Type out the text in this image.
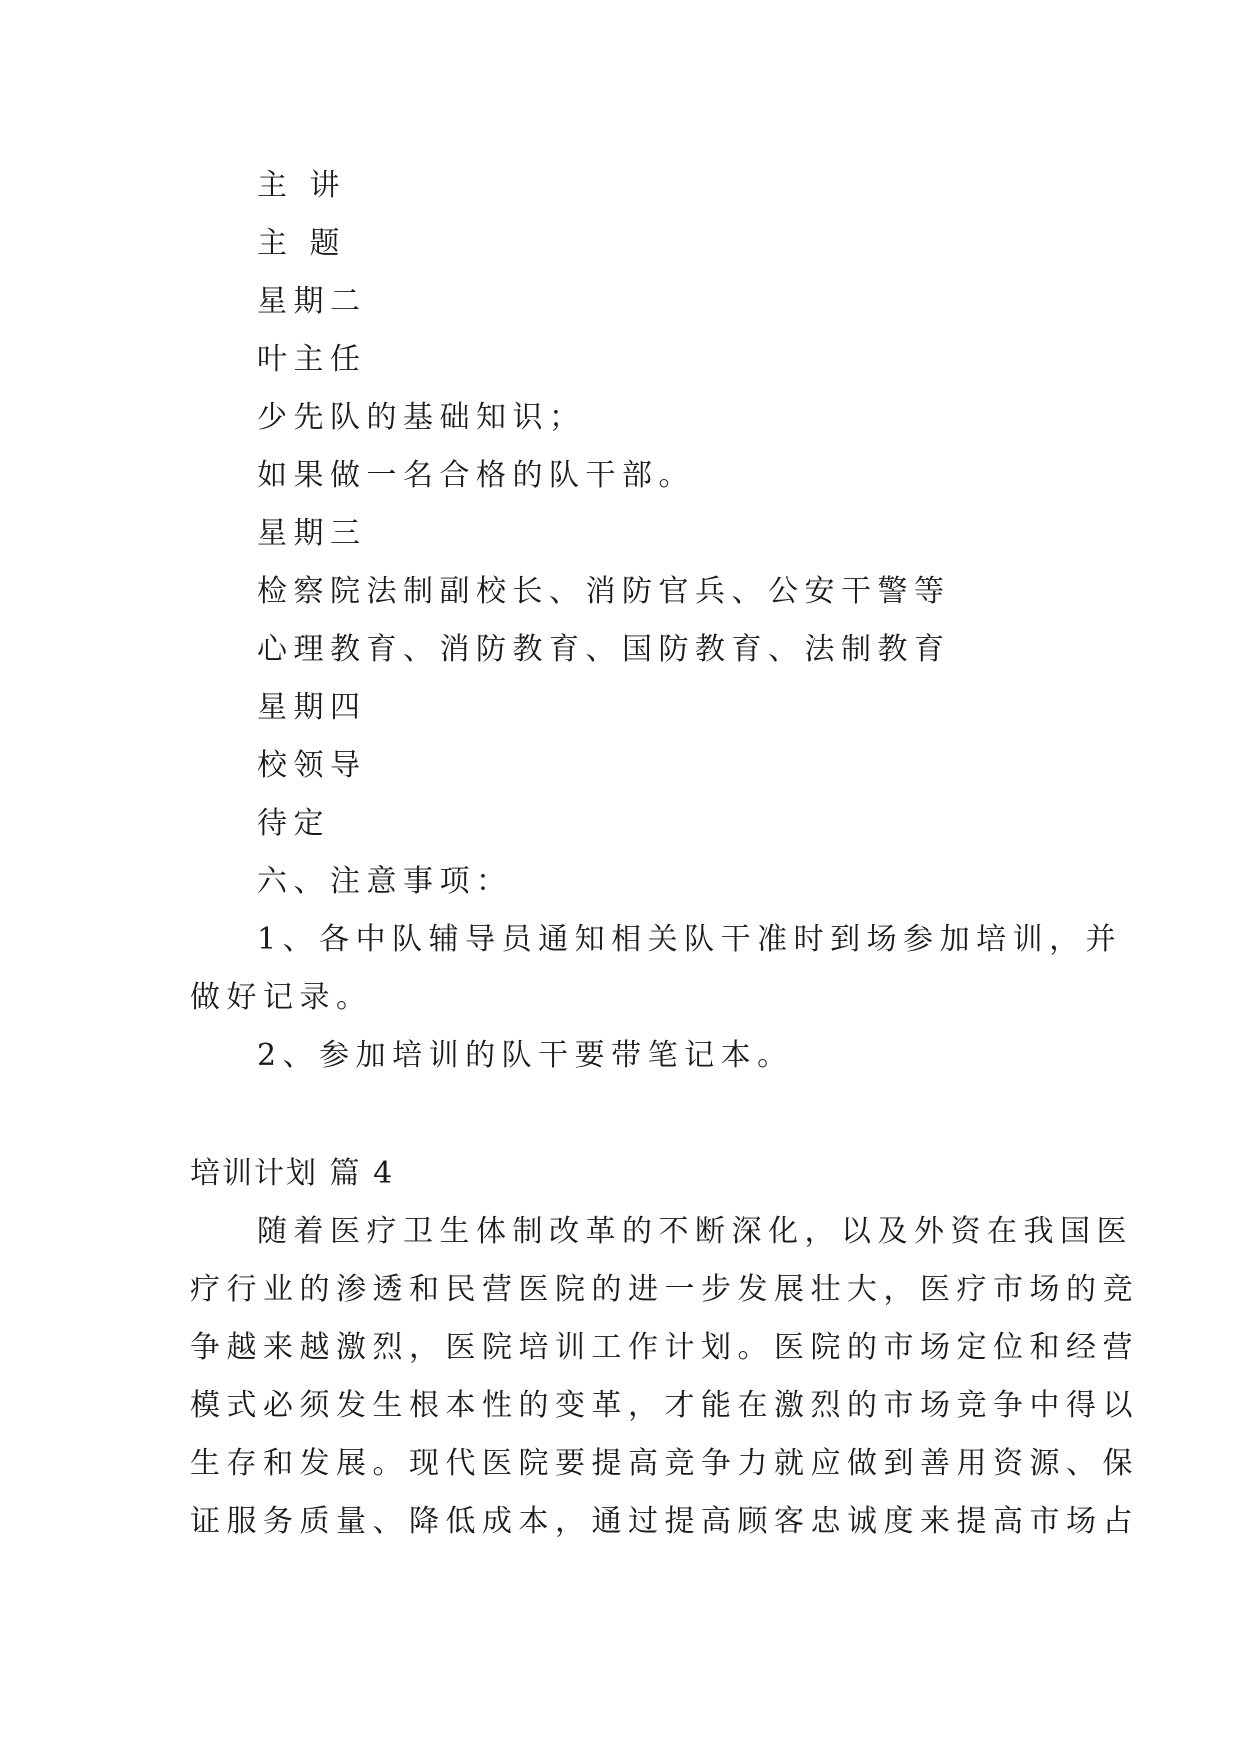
主 讲
主 题
星期二
叶主任
少先队的基础知识；
如果做一名合格的队干部。
星期三
检察院法制副校长、消防官兵、公安干警等
心理教育、消防教育、国防教育、法制教育
星期四
校领导
待定
六、注意事项：
1、各中队辅导员通知相关队干准时到场参加培训，并
做好记录。
2、参加培训的队干要带笔记本。
培训计划 篇 4
随着医疗卫生体制改革的不断深化，以及外资在我国医
疗行业的渗透和民营医院的进一步发展壮大，医疗市场的竞
争越来越激烈，医院培训工作计划。医院的市场定位和经营
模式必须发生根本性的变革，才能在激烈的市场竞争中得以
生存和发展。现代医院要提高竞争力就应做到善用资源、保
证服务质量、降低成本，通过提高顾客忠诚度来提高市场占
